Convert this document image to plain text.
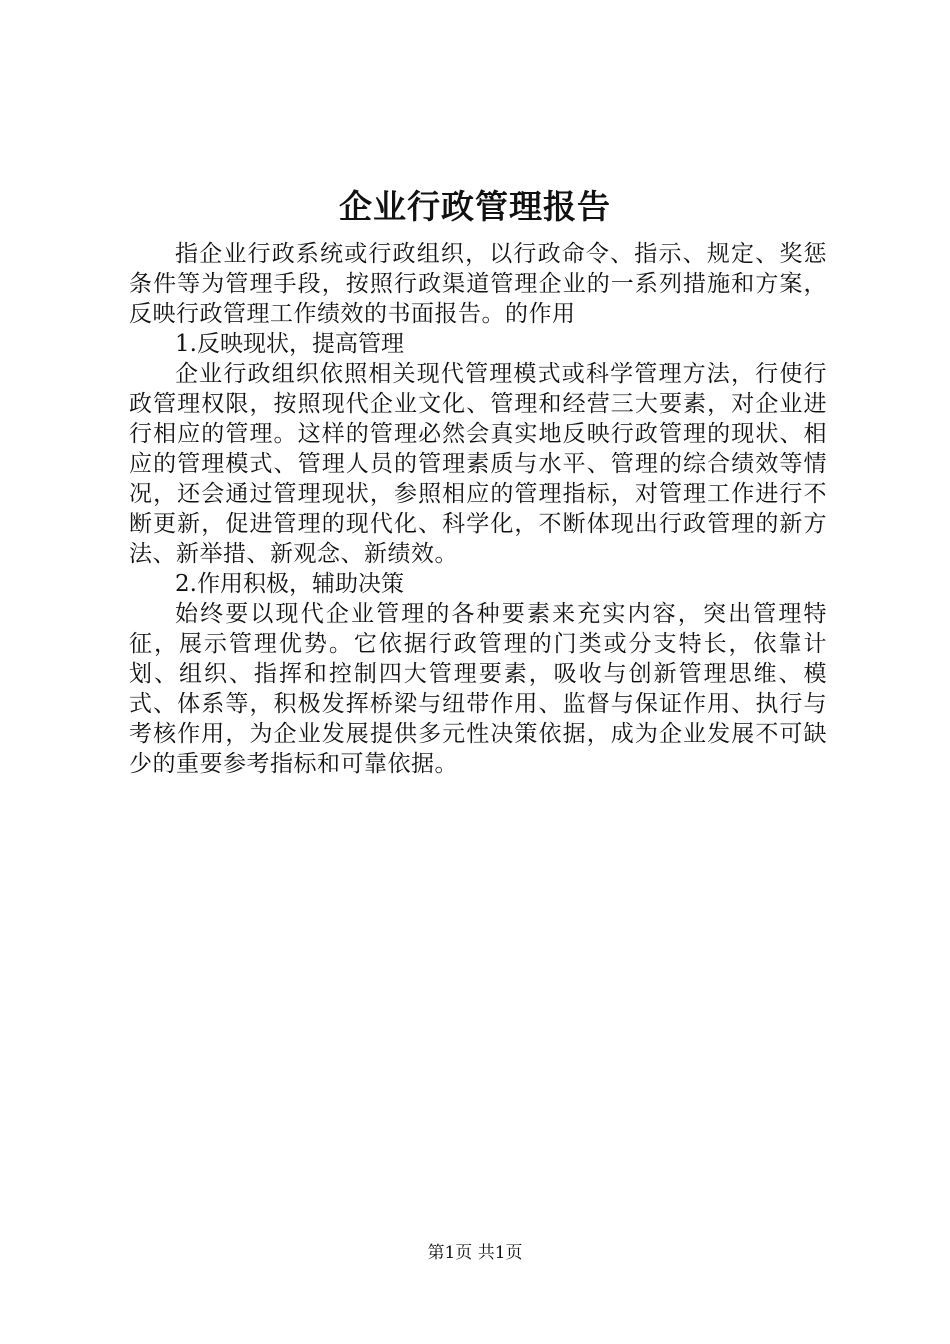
企业行政管理报告

指企业行政系统或行政组织，以行政命令、指示、规定、奖惩条件等为管理手段，按照行政渠道管理企业的一系列措施和方案，反映行政管理工作绩效的书面报告。的作用

1.反映现状，提高管理

企业行政组织依照相关现代管理模式或科学管理方法，行使行政管理权限，按照现代企业文化、管理和经营三大要素，对企业进行相应的管理。这样的管理必然会真实地反映行政管理的现状、相应的管理模式、管理人员的管理素质与水平、管理的综合绩效等情况，还会通过管理现状，参照相应的管理指标，对管理工作进行不断更新，促进管理的现代化、科学化，不断体现出行政管理的新方法、新举措、新观念、新绩效。

2.作用积极，辅助决策

始终要以现代企业管理的各种要素来充实内容，突出管理特征，展示管理优势。它依据行政管理的门类或分支特长，依靠计划、组织、指挥和控制四大管理要素，吸收与创新管理思维、模式、体系等，积极发挥桥梁与纽带作用、监督与保证作用、执行与考核作用，为企业发展提供多元性决策依据，成为企业发展不可缺少的重要参考指标和可靠依据。

第1页 共1页
